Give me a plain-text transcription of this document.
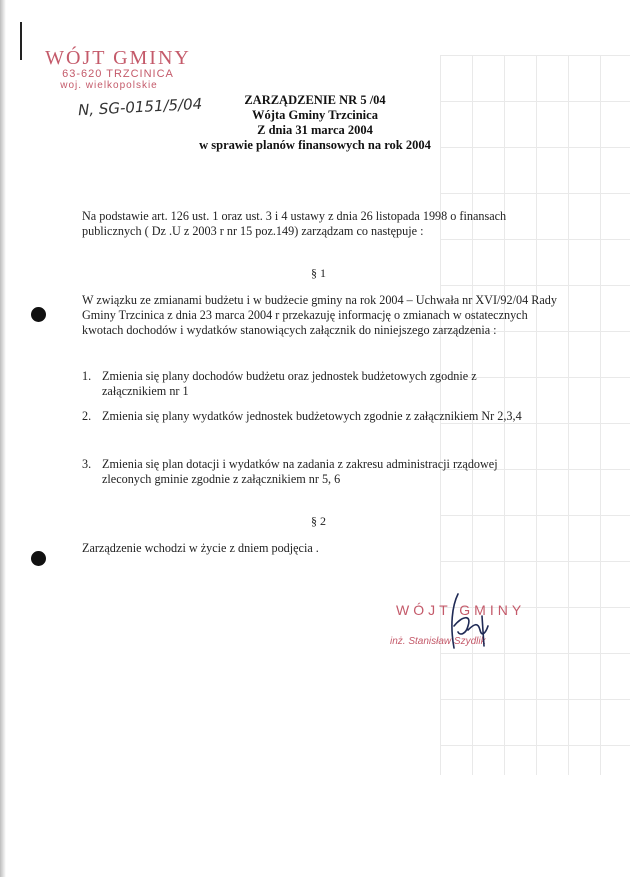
WÓJT GMINY
63-620 TRZCINICA
woj. wielkopolskie
N, SG-0151/5/04	ZARZĄDZENIE NR 5 /04
Wójta Gminy Trzcinica
Z dnia 31 marca 2004
w sprawie planów finansowych na rok 2004
Na podstawie art. 126 ust. 1 oraz ust. 3 i 4 ustawy z dnia 26 listopada 1998 o finansach publicznych ( Dz .U z 2003 r nr 15 poz.149) zarządzam co następuje :
§ 1
W związku ze zmianami budżetu i w budżecie gminy na rok 2004 – Uchwała nr XVI/92/04 Rady Gminy Trzcinica z dnia 23 marca 2004 r przekazuję informację o zmianach w ostatecznych kwotach dochodów i wydatków stanowiących załącznik do niniejszego zarządzenia :
1. Zmienia się plany dochodów budżetu oraz jednostek budżetowych zgodnie z załącznikiem nr 1
2. Zmienia się plany wydatków jednostek budżetowych zgodnie z załącznikiem Nr 2,3,4
3. Zmienia się plan dotacji i wydatków na zadania z zakresu administracji rządowej zleconych gminie zgodnie z załącznikiem nr 5, 6
§ 2
Zarządzenie wchodzi w życie z dniem podjęcia .
WÓJT GMINY
inż. Stanisław Szydlik
